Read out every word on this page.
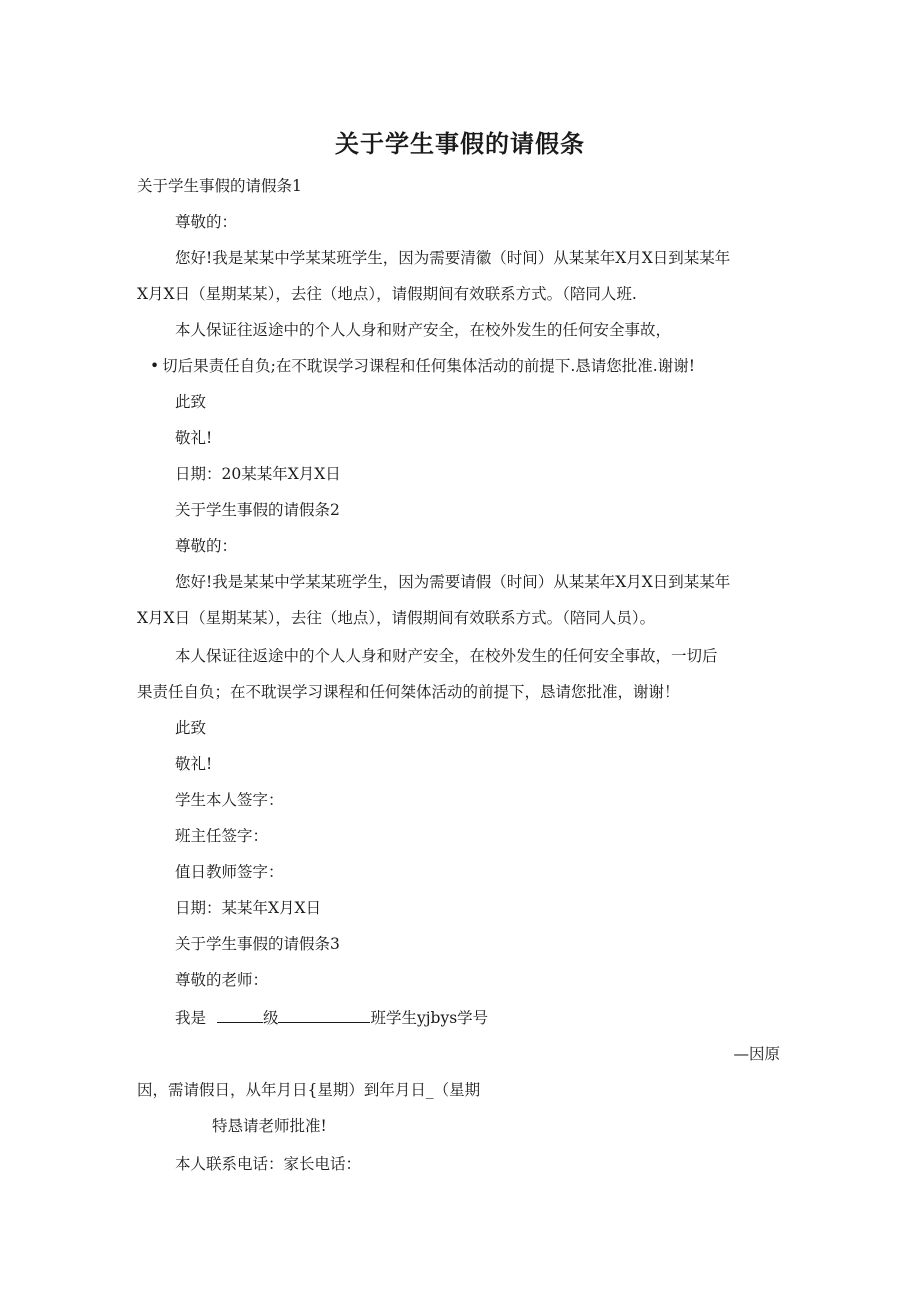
关于学生事假的请假条
关于学生事假的请假条1
尊敬的：
您好!我是某某中学某某班学生，因为需要清徽（时间）从某某年X月X日到某某年
X月X日（星期某某），去往（地点），请假期间有效联系方式。（陪同人班.
本人保证往返途中的个人人身和财产安全，在校外发生的任何安全事故，
• 切后果责任自负;在不耽误学习课程和任何集体活动的前提下.恳请您批准.谢谢!
此致
敬礼!
日期：20某某年X月X日
关于学生事假的请假条2
尊敬的：
您好!我是某某中学某某班学生，因为需要请假（时间）从某某年X月X日到某某年
X月X日（星期某某），去往（地点），请假期间有效联系方式。（陪同人员）。
本人保证往返途中的个人人身和财产安全，在校外发生的任何安全事故，一切后
果责任自负；在不耽误学习课程和任何桀体活动的前提下，恳请您批准，谢谢！
此致
敬礼!
学生本人签字：
班主任签字：
值日教师签字：
日期：某某年X月X日
关于学生事假的请假条3
尊敬的老师：
我是	级	班学生yjbys学号
—因原
因，需请假日，从年月日{星期）到年月日_（星期
特恳请老师批准!
本人联系电话：家长电话：
